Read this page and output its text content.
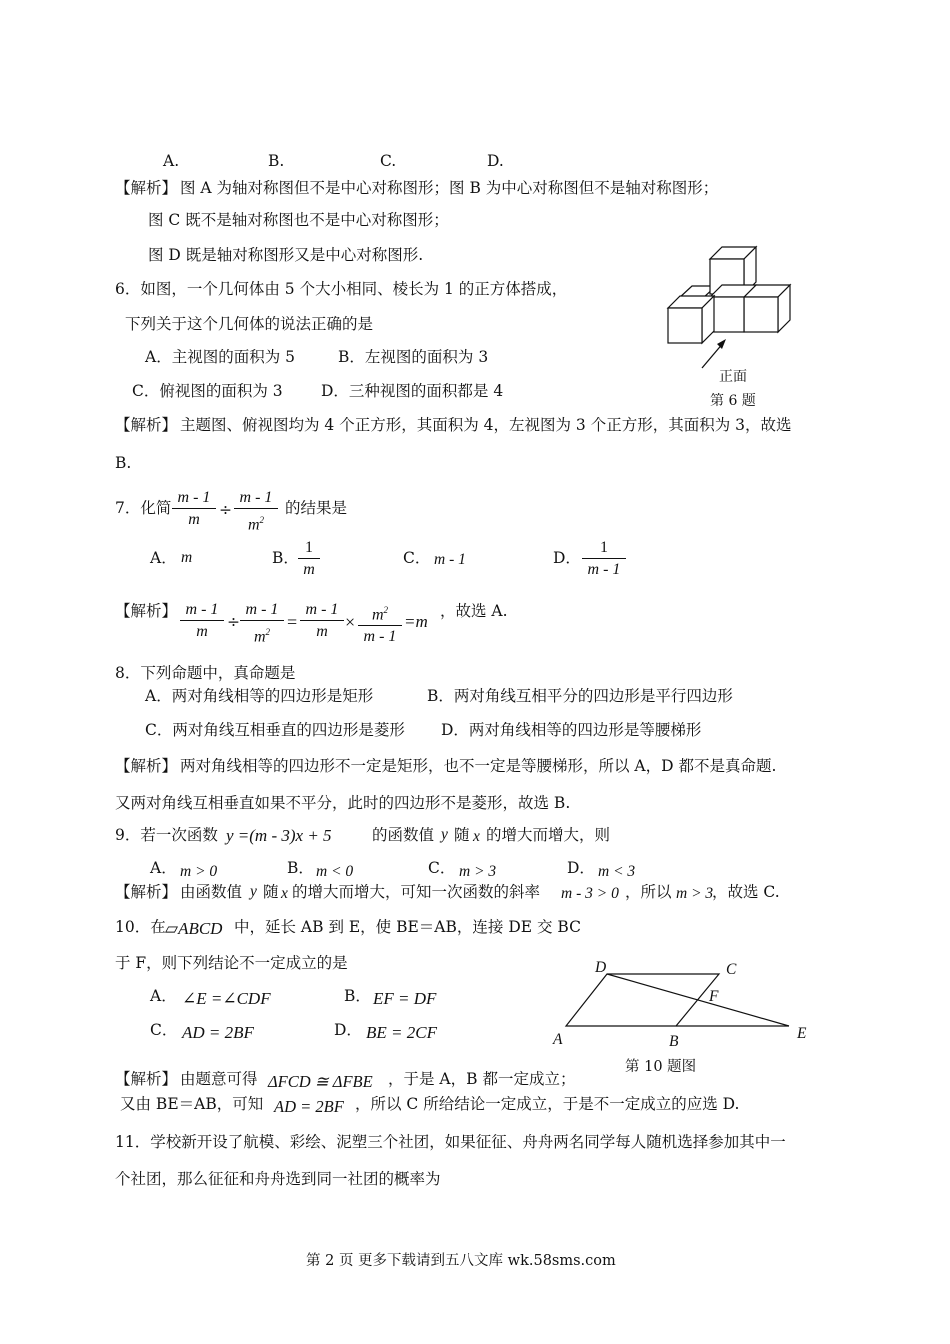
A.	B.	C.	D.
【解析】 图 A 为轴对称图但不是中心对称图形；图 B 为中心对称图但不是轴对称图形；
图 C 既不是轴对称图也不是中心对称图形；
图 D 既是轴对称图形又是中心对称图形.
6．如图，一个几何体由 5 个大小相同、棱长为 1 的正方体搭成，
下列关于这个几何体的说法正确的是
A．主视图的面积为 5	B．左视图的面积为 3
C．俯视图的面积为 3 D．三种视图的面积都是 4
正面
第 6 题
【解析】 主题图、俯视图均为 4 个正方形，其面积为 4，左视图为 3 个正方形，其面积为 3，故选
B.
7．化简
m - 1
m
÷
m - 1
$m^2$
的结果是
A． m	B．
1
m
C． m - 1	D．
1
m - 1
【解析】 m - 1
m
÷
m - 1
$m^2$ =
m - 1
m ×	$m^2$
m - 1
=m
，故选 A.
8．下列命题中，真命题是
A．两对角线相等的四边形是矩形	B．两对角线互相平分的四边形是平行四边形
C．两对角线互相垂直的四边形是菱形 D．两对角线相等的四边形是等腰梯形
【解析】 两对角线相等的四边形不一定是矩形，也不一定是等腰梯形，所以 A，D 都不是真命题.
又两对角线互相垂直如果不平分，此时的四边形不是菱形，故选 B.
9．若一次函数 y =(m - 3)x + 5	的函数值 y 随 x 的增大而增大，则
A． m > 0	B． m < 0	C． m > 3	D． m < 3
【解析】 由函数值 y 随 x 的增大而增大，可知一次函数的斜率 m - 3 > 0 ，所以 m > 3
，故选 C.
10．在 ▱ABCD 中，延长 AB 到 E，使 BE＝AB，连接 DE 交 BC
于 F，则下列结论不一定成立的是
A． ∠E =∠CDF	B． EF = DF
C． AD = 2BF	D． BE = 2CF
D	C
F
A	B	E
第 10 题图
【解析】 由题意可得 ΔFCD ≅ ΔFBE ，于是 A，B 都一定成立；
又由 BE＝AB，可知 AD = 2BF ，所以 C 所给结论一定成立，于是不一定成立的应选 D.
11．学校新开设了航模、彩绘、泥塑三个社团，如果征征、舟舟两名同学每人随机选择参加其中一
个社团，那么征征和舟舟选到同一社团的概率为
第 2 页 更多下载请到五八文库 wk.58sms.com
